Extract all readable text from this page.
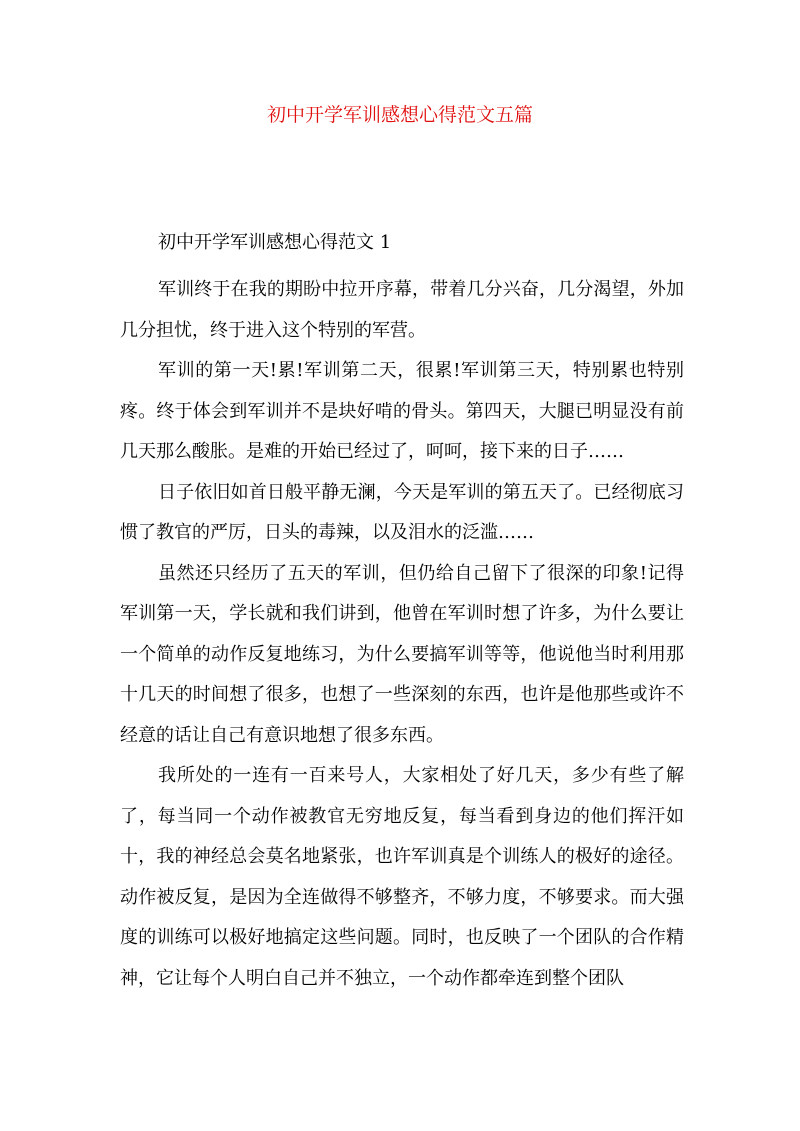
初中开学军训感想心得范文五篇

初中开学军训感想心得范文 1

军训终于在我的期盼中拉开序幕，带着几分兴奋，几分渴望，外加几分担忧，终于进入这个特别的军营。

军训的第一天!累!军训第二天，很累!军训第三天，特别累也特别疼。终于体会到军训并不是块好啃的骨头。第四天，大腿已明显没有前几天那么酸胀。是难的开始已经过了，呵呵，接下来的日子……

日子依旧如首日般平静无澜，今天是军训的第五天了。已经彻底习惯了教官的严厉，日头的毒辣，以及泪水的泛滥……

虽然还只经历了五天的军训，但仍给自己留下了很深的印象!记得军训第一天，学长就和我们讲到，他曾在军训时想了许多，为什么要让一个简单的动作反复地练习，为什么要搞军训等等，他说他当时利用那十几天的时间想了很多，也想了一些深刻的东西，也许是他那些或许不经意的话让自己有意识地想了很多东西。

我所处的一连有一百来号人，大家相处了好几天，多少有些了解了，每当同一个动作被教官无穷地反复，每当看到身边的他们挥汗如十，我的神经总会莫名地紧张，也许军训真是个训练人的极好的途径。动作被反复，是因为全连做得不够整齐，不够力度，不够要求。而大强度的训练可以极好地搞定这些问题。同时，也反映了一个团队的合作精神，它让每个人明白自己并不独立，一个动作都牵连到整个团队
